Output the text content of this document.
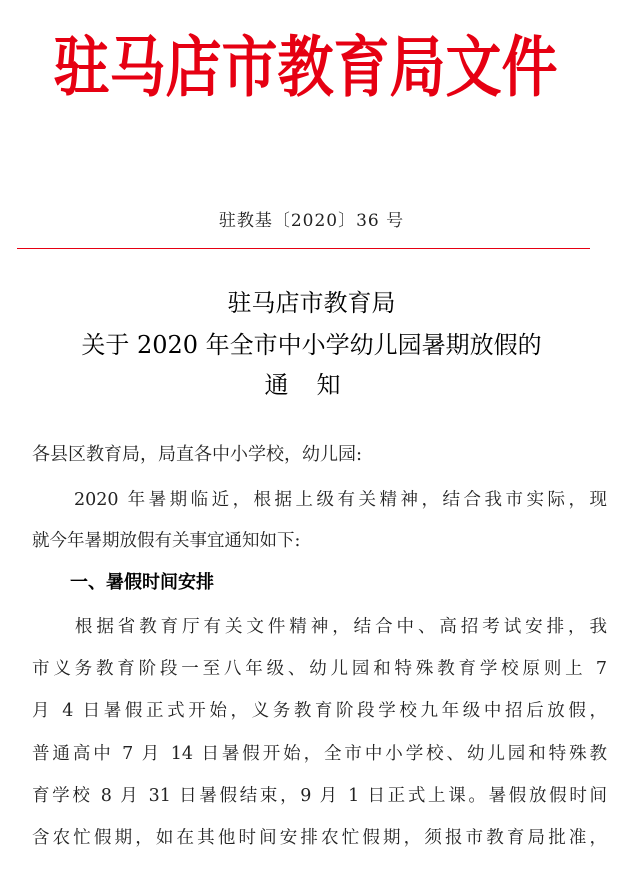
驻马店市教育局文件
驻教基〔2020〕36 号
驻马店市教育局
关于 2020 年全市中小学幼儿园暑期放假的
通知
各县区教育局，局直各中小学校，幼儿园:
　　2020 年暑期临近，根据上级有关精神，结合我市实际，现
就今年暑期放假有关事宜通知如下:
一、暑假时间安排
　　根据省教育厅有关文件精神，结合中、高招考试安排，我
市义务教育阶段一至八年级、幼儿园和特殊教育学校原则上 7
月 4 日暑假正式开始，义务教育阶段学校九年级中招后放假，
普通高中 7 月 14 日暑假开始，全市中小学校、幼儿园和特殊教
育学校 8 月 31 日暑假结束，9 月 1 日正式上课。暑假放假时间
含农忙假期，如在其他时间安排农忙假期，须报市教育局批准，
